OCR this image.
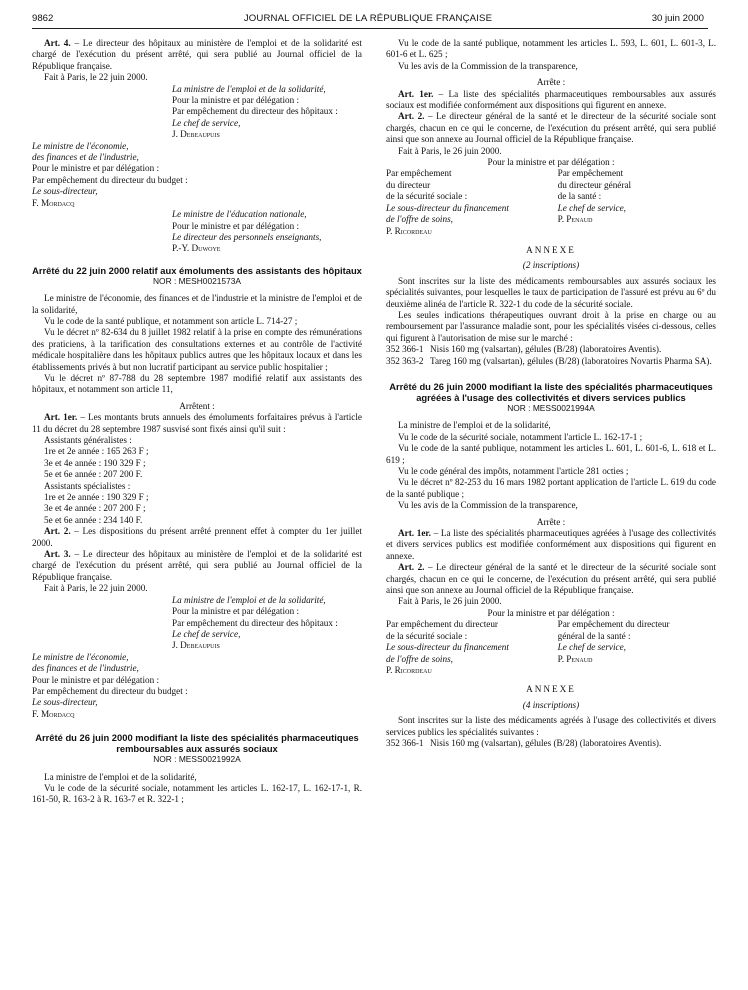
9862	JOURNAL OFFICIEL DE LA RÉPUBLIQUE FRANÇAISE	30 juin 2000

Art. 4. – Le directeur des hôpitaux au ministère de l'emploi et de la solidarité est chargé de l'exécution du présent arrêté, qui sera publié au Journal officiel de la République française.

Fait à Paris, le 22 juin 2000.

La ministre de l'emploi et de la solidarité,

Pour la ministre et par délégation :

Par empêchement du directeur des hôpitaux :

Le chef de service,

J. Debeaupuis

Le ministre de l'économie,

des finances et de l'industrie,

Pour le ministre et par délégation :

Par empêchement du directeur du budget :

Le sous-directeur,

F. Mordacq

Le ministre de l'éducation nationale,

Pour le ministre et par délégation :

Le directeur des personnels enseignants,

P.-Y. Duwoye

Arrêté du 22 juin 2000 relatif aux émoluments des assistants des hôpitaux
NOR : MESH0021573A

Le ministre de l'économie, des finances et de l'industrie et la ministre de l'emploi et de la solidarité,

Vu le code de la santé publique, et notamment son article L. 714-27 ;

Vu le décret nº 82-634 du 8 juillet 1982 relatif à la prise en compte des rémunérations des praticiens, à la tarification des consultations externes et au contrôle de l'activité médicale hospitalière dans les hôpitaux publics autres que les hôpitaux locaux et dans les établissements privés à but non lucratif participant au service public hospitalier ;

Vu le décret nº 87-788 du 28 septembre 1987 modifié relatif aux assistants des hôpitaux, et notamment son article 11,

Arrêtent :

Art. 1er. – Les montants bruts annuels des émoluments forfaitaires prévus à l'article 11 du décret du 28 septembre 1987 susvisé sont fixés ainsi qu'il suit :

Assistants généralistes :

1re et 2e année : 165 263 F ;

3e et 4e année : 190 329 F ;

5e et 6e année : 207 200 F.

Assistants spécialistes :

1re et 2e année : 190 329 F ;

3e et 4e année : 207 200 F ;

5e et 6e année : 234 140 F.

Art. 2. – Les dispositions du présent arrêté prennent effet à compter du 1er juillet 2000.

Art. 3. – Le directeur des hôpitaux au ministère de l'emploi et de la solidarité est chargé de l'exécution du présent arrêté, qui sera publié au Journal officiel de la République française.

Fait à Paris, le 22 juin 2000.

La ministre de l'emploi et de la solidarité,

Pour la ministre et par délégation :

Par empêchement du directeur des hôpitaux :

Le chef de service,

J. Debeaupuis

Le ministre de l'économie,

des finances et de l'industrie,

Pour le ministre et par délégation :

Par empêchement du directeur du budget :

Le sous-directeur,

F. Mordacq

Arrêté du 26 juin 2000 modifiant la liste des spécialités pharmaceutiques remboursables aux assurés sociaux
NOR : MESS0021992A

La ministre de l'emploi et de la solidarité,

Vu le code de la sécurité sociale, notamment les articles L. 162-17, L. 162-17-1, R. 161-50, R. 163-2 à R. 163-7 et R. 322-1 ;

Vu le code de la santé publique, notamment les articles L. 593, L. 601, L. 601-3, L. 601-6 et L. 625 ;

Vu les avis de la Commission de la transparence,

Arrête :

Art. 1er. – La liste des spécialités pharmaceutiques remboursables aux assurés sociaux est modifiée conformément aux dispositions qui figurent en annexe.

Art. 2. – Le directeur général de la santé et le directeur de la sécurité sociale sont chargés, chacun en ce qui le concerne, de l'exécution du présent arrêté, qui sera publié ainsi que son annexe au Journal officiel de la République française.

Fait à Paris, le 26 juin 2000.

Pour la ministre et par délégation :

Par empêchement

du directeur

de la sécurité sociale :

Le sous-directeur du financement

de l'offre de soins,

P. Ricordeau

Par empêchement

du directeur général

de la santé :

Le chef de service,

P. Penaud

ANNEXE

(2 inscriptions)

Sont inscrites sur la liste des médicaments remboursables aux assurés sociaux les spécialités suivantes, pour lesquelles le taux de participation de l'assuré est prévu au 6º du deuxième alinéa de l'article R. 322-1 du code de la sécurité sociale.

Les seules indications thérapeutiques ouvrant droit à la prise en charge ou au remboursement par l'assurance maladie sont, pour les spécialités visées ci-dessous, celles qui figurent à l'autorisation de mise sur le marché :

352 366-1 Nisis 160 mg (valsartan), gélules (B/28) (laboratoires Aventis).
352 363-2 Tareg 160 mg (valsartan), gélules (B/28) (laboratoires Novartis Pharma SA).
Arrêté du 26 juin 2000 modifiant la liste des spécialités pharmaceutiques agréées à l'usage des collectivités et divers services publics
NOR : MESS0021994A

La ministre de l'emploi et de la solidarité,

Vu le code de la sécurité sociale, notamment l'article L. 162-17-1 ;

Vu le code de la santé publique, notamment les articles L. 601, L. 601-6, L. 618 et L. 619 ;

Vu le code général des impôts, notamment l'article 281 octies ;

Vu le décret nº 82-253 du 16 mars 1982 portant application de l'article L. 619 du code de la santé publique ;

Vu les avis de la Commission de la transparence,

Arrête :

Art. 1er. – La liste des spécialités pharmaceutiques agréées à l'usage des collectivités et divers services publics est modifiée conformément aux dispositions qui figurent en annexe.

Art. 2. – Le directeur général de la santé et le directeur de la sécurité sociale sont chargés, chacun en ce qui le concerne, de l'exécution du présent arrêté, qui sera publié ainsi que son annexe au Journal officiel de la République française.

Fait à Paris, le 26 juin 2000.

Pour la ministre et par délégation :

Par empêchement du directeur

de la sécurité sociale :

Le sous-directeur du financement

de l'offre de soins,

P. Ricordeau

Par empêchement du directeur

général de la santé :

Le chef de service,

P. Penaud

ANNEXE

(4 inscriptions)

Sont inscrites sur la liste des médicaments agréés à l'usage des collectivités et divers services publics les spécialités suivantes :

352 366-1 Nisis 160 mg (valsartan), gélules (B/28) (laboratoires Aventis).
